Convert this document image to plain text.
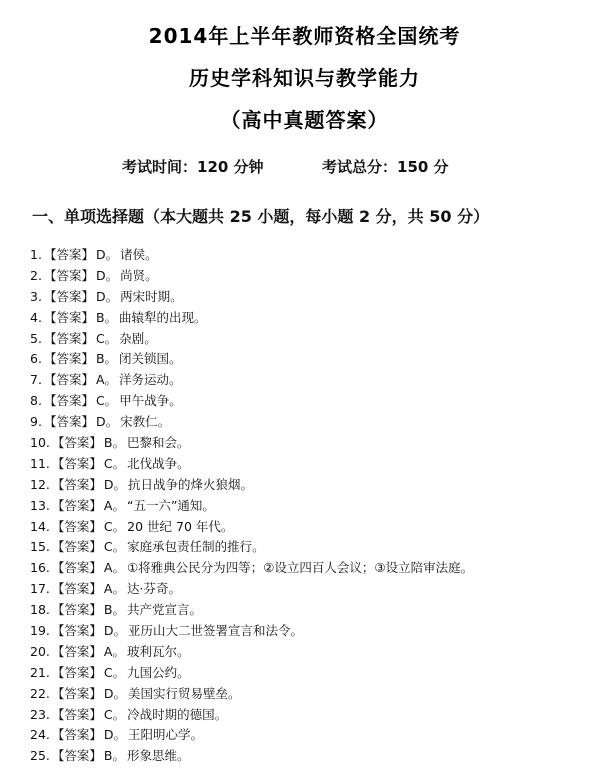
2014年上半年教师资格全国统考
历史学科知识与教学能力
（高中真题答案）
考试时间：120 分钟	考试总分：150 分
一、单项选择题（本大题共 25 小题，每小题 2 分，共 50 分）
1. 【答案】 D。 诸侯。
2. 【答案】 D。 尚贤。
3. 【答案】 D。 两宋时期。
4. 【答案】 B。 曲辕犁的出现。
5. 【答案】 C。 杂剧。
6. 【答案】 B。 闭关锁国。
7. 【答案】 A。 洋务运动。
8. 【答案】 C。 甲午战争。
9. 【答案】 D。 宋教仁。
10. 【答案】 B。 巴黎和会。
11. 【答案】 C。 北伐战争。
12. 【答案】 D。 抗日战争的烽火狼烟。
13. 【答案】 A。 “五一六”通知。
14. 【答案】 C。 20 世纪 70 年代。
15. 【答案】 C。 家庭承包责任制的推行。
16. 【答案】 A。 ①将雅典公民分为四等；②设立四百人会议；③设立陪审法庭。
17. 【答案】 A。 达·芬奇。
18. 【答案】 B。 共产党宣言。
19. 【答案】 D。 亚历山大二世签署宣言和法令。
20. 【答案】 A。 玻利瓦尔。
21. 【答案】 C。 九国公约。
22. 【答案】 D。 美国实行贸易壁垒。
23. 【答案】 C。 冷战时期的德国。
24. 【答案】 D。 王阳明心学。
25. 【答案】 B。 形象思维。
